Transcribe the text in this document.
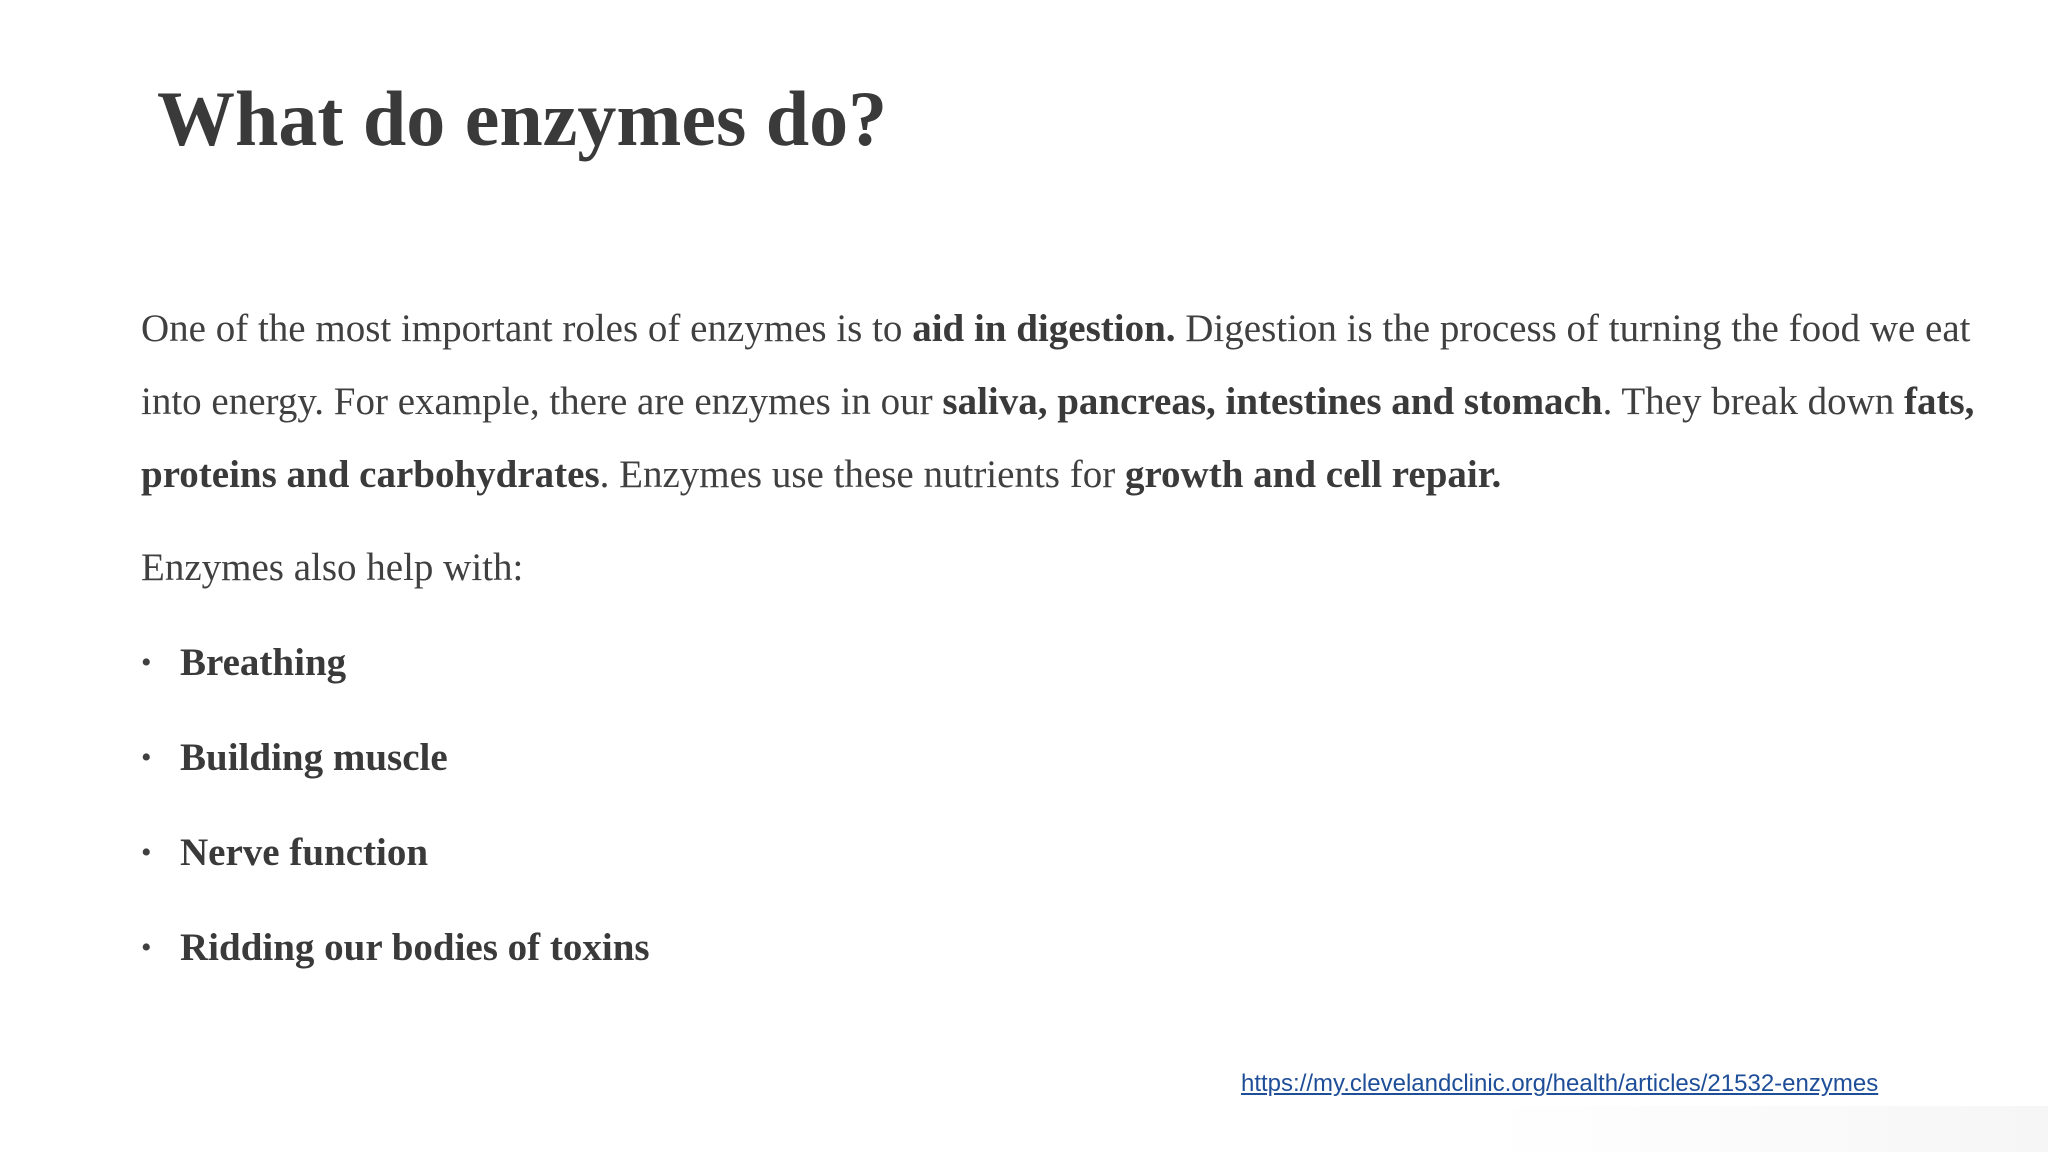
What do enzymes do?

One of the most important roles of enzymes is to aid in digestion. Digestion is the process of turning the food we eat into energy. For example, there are enzymes in our saliva, pancreas, intestines and stomach. They break down fats, proteins and carbohydrates. Enzymes use these nutrients for growth and cell repair.

Enzymes also help with:

• Breathing
• Building muscle
• Nerve function
• Ridding our bodies of toxins
https://my.clevelandclinic.org/health/articles/21532-enzymes
